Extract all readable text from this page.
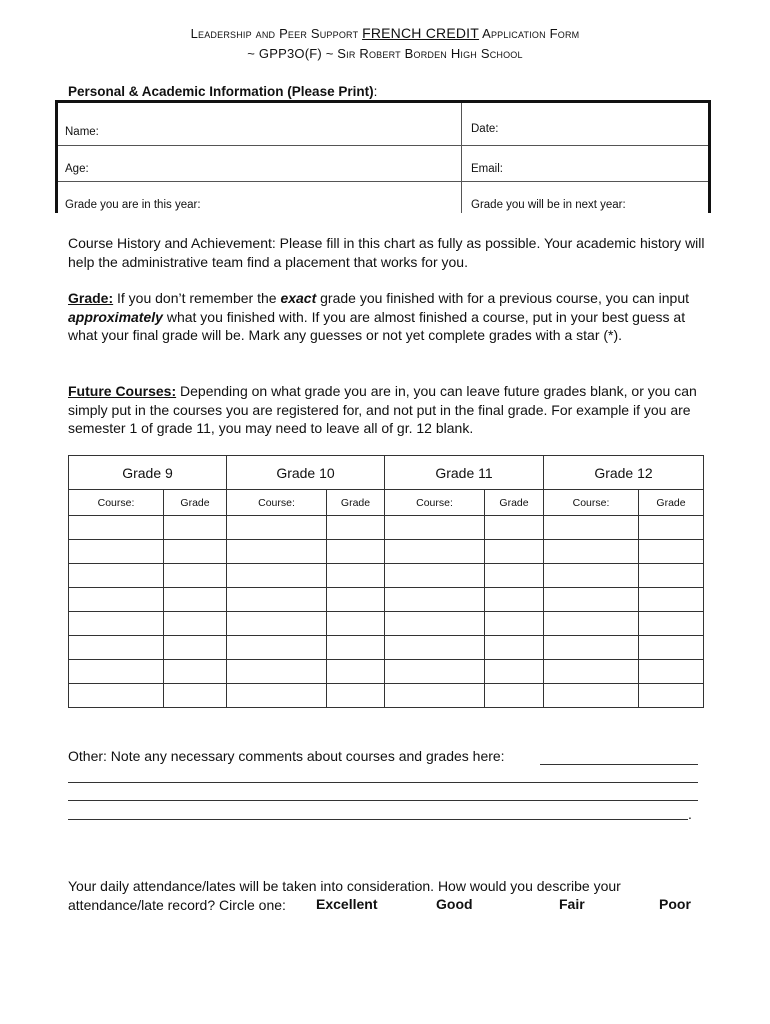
Leadership and Peer Support FRENCH CREDIT Application Form
~ GPP3O(F) ~ Sir Robert Borden High School
Personal & Academic Information (Please Print):
Name:	Date:
Age:	Email:
Grade you are in this year:	Grade you will be in next year:
Course History and Achievement: Please fill in this chart as fully as possible. Your academic history will help the administrative team find a placement that works for you.
Grade: If you don’t remember the exact grade you finished with for a previous course, you can input approximately what you finished with. If you are almost finished a course, put in your best guess at what your final grade will be. Mark any guesses or not yet complete grades with a star (*).
Future Courses: Depending on what grade you are in, you can leave future grades blank, or you can simply put in the courses you are registered for, and not put in the final grade. For example if you are semester 1 of grade 11, you may need to leave all of gr. 12 blank.
Grade 9		Grade 10		Grade 11		Grade 12	
Course:	Grade	Course:	Grade	Course:	Grade	Course:	Grade

Other: Note any necessary comments about courses and grades here:
.
Your daily attendance/lates will be taken into consideration. How would you describe your attendance/late record? Circle one:	Excellent	Good	Fair	Poor
